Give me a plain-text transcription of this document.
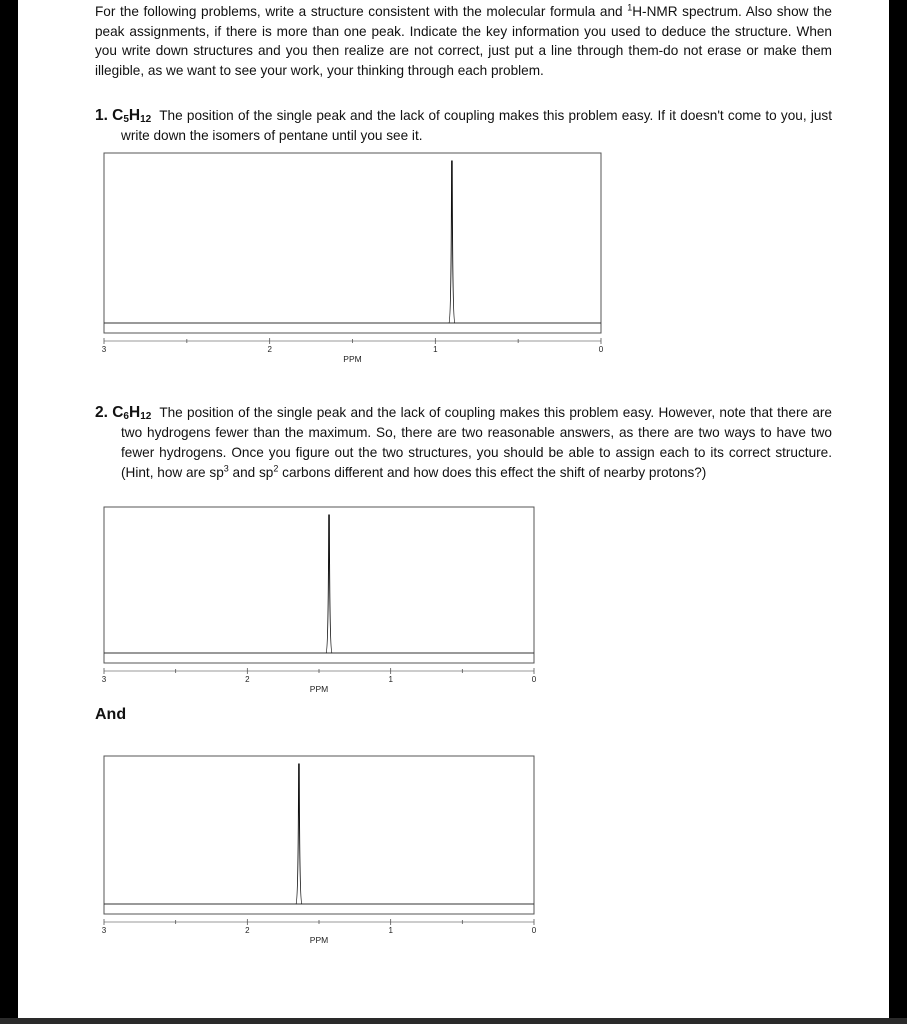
For the following problems, write a structure consistent with the molecular formula and $^1$H-NMR spectrum. Also show the peak assignments, if there is more than one peak. Indicate the key information you used to deduce the structure. When you write down structures and you then realize are not correct, just put a line through them-do not erase or make them illegible, as we want to see your work, your thinking through each problem.

1. $C_5H_{12}$ The position of the single peak and the lack of coupling makes this problem easy. If it doesn't come to you, just write down the isomers of pentane until you see it.

3	2	1	0
PPM

2. $C_6H_{12}$ The position of the single peak and the lack of coupling makes this problem easy. However, note that there are two hydrogens fewer than the maximum. So, there are two reasonable answers, as there are two ways to have two fewer hydrogens. Once you figure out the two structures, you should be able to assign each to its correct structure. (Hint, how are $sp^3$ and $sp^2$ carbons different and how does this effect the shift of nearby protons?)

3	2	1	0
PPM

And

3	2	1	0
PPM
